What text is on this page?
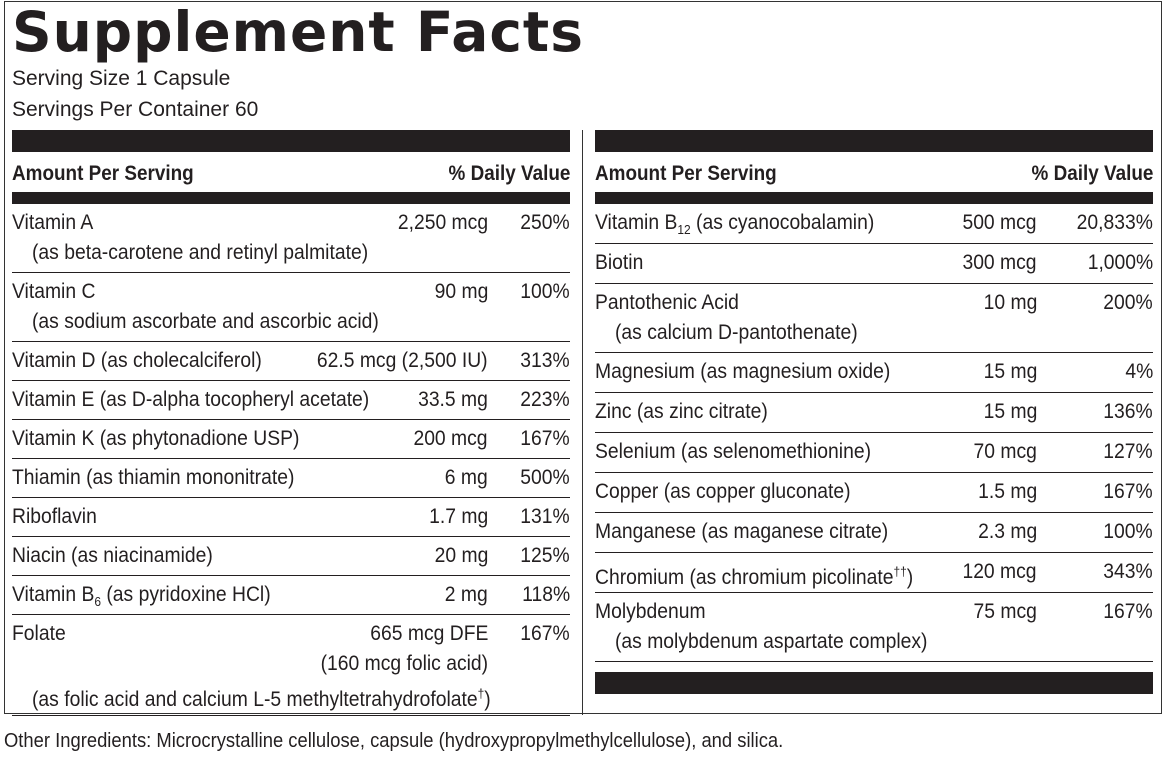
Supplement Facts
Serving Size 1 Capsule
Servings Per Container 60
Amount Per Serving	% Daily Value
Vitamin A	2,250 mcg 250%
(as beta-carotene and retinyl palmitate)
Vitamin C	90 mg 100%
(as sodium ascorbate and ascorbic acid)
Vitamin D (as cholecalciferol)	62.5 mcg (2,500 IU) 313%
Vitamin E (as D-alpha tocopheryl acetate) 33.5 mg 223%
Vitamin K (as phytonadione USP)	200 mcg 167%
Thiamin (as thiamin mononitrate)	6 mg 500%
Riboflavin	1.7 mg 131%
Niacin (as niacinamide)	20 mg 125%
Vitamin $B_6$ (as pyridoxine HCl)	2 mg 118%
Folate	665 mcg DFE 167%
(160 mcg folic acid)
(as folic acid and calcium L-5 methyltetrahydrofolate†)
Amount Per Serving	% Daily Value
Vitamin $B_{12}$ (as cyanocobalamin)	500 mcg 20,833%
Biotin	300 mcg 1,000%
Pantothenic Acid	10 mg	200%
(as calcium D-pantothenate)
Magnesium (as magnesium oxide)	15 mg	4%
Zinc (as zinc citrate)	15 mg	136%
Selenium (as selenomethionine)	70 mcg	127%
Copper (as copper gluconate)	1.5 mg	167%
Manganese (as maganese citrate)	2.3 mg	100%
Chromium (as chromium picolinate††) 120 mcg	343%
Molybdenum	75 mcg	167%
(as molybdenum aspartate complex)
Other Ingredients: Microcrystalline cellulose, capsule (hydroxypropylmethylcellulose), and silica.
